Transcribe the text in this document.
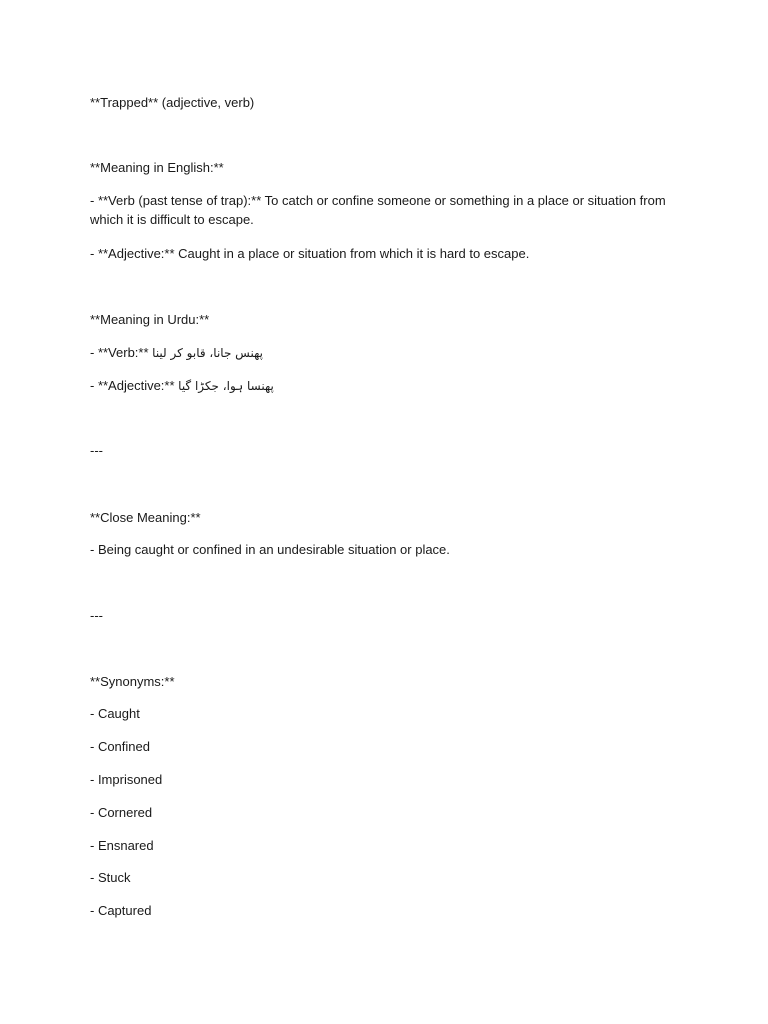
**Trapped** (adjective, verb)
**Meaning in English:**
- **Verb (past tense of trap):** To catch or confine someone or something in a place or situation from which it is difficult to escape.
- **Adjective:** Caught in a place or situation from which it is hard to escape.
**Meaning in Urdu:**
- **Verb:** پھنس جانا، قابو کر لینا
- **Adjective:** پھنسا ہوا، جکڑا گیا
---
**Close Meaning:**
- Being caught or confined in an undesirable situation or place.
---
**Synonyms:**
- Caught
- Confined
- Imprisoned
- Cornered
- Ensnared
- Stuck
- Captured
